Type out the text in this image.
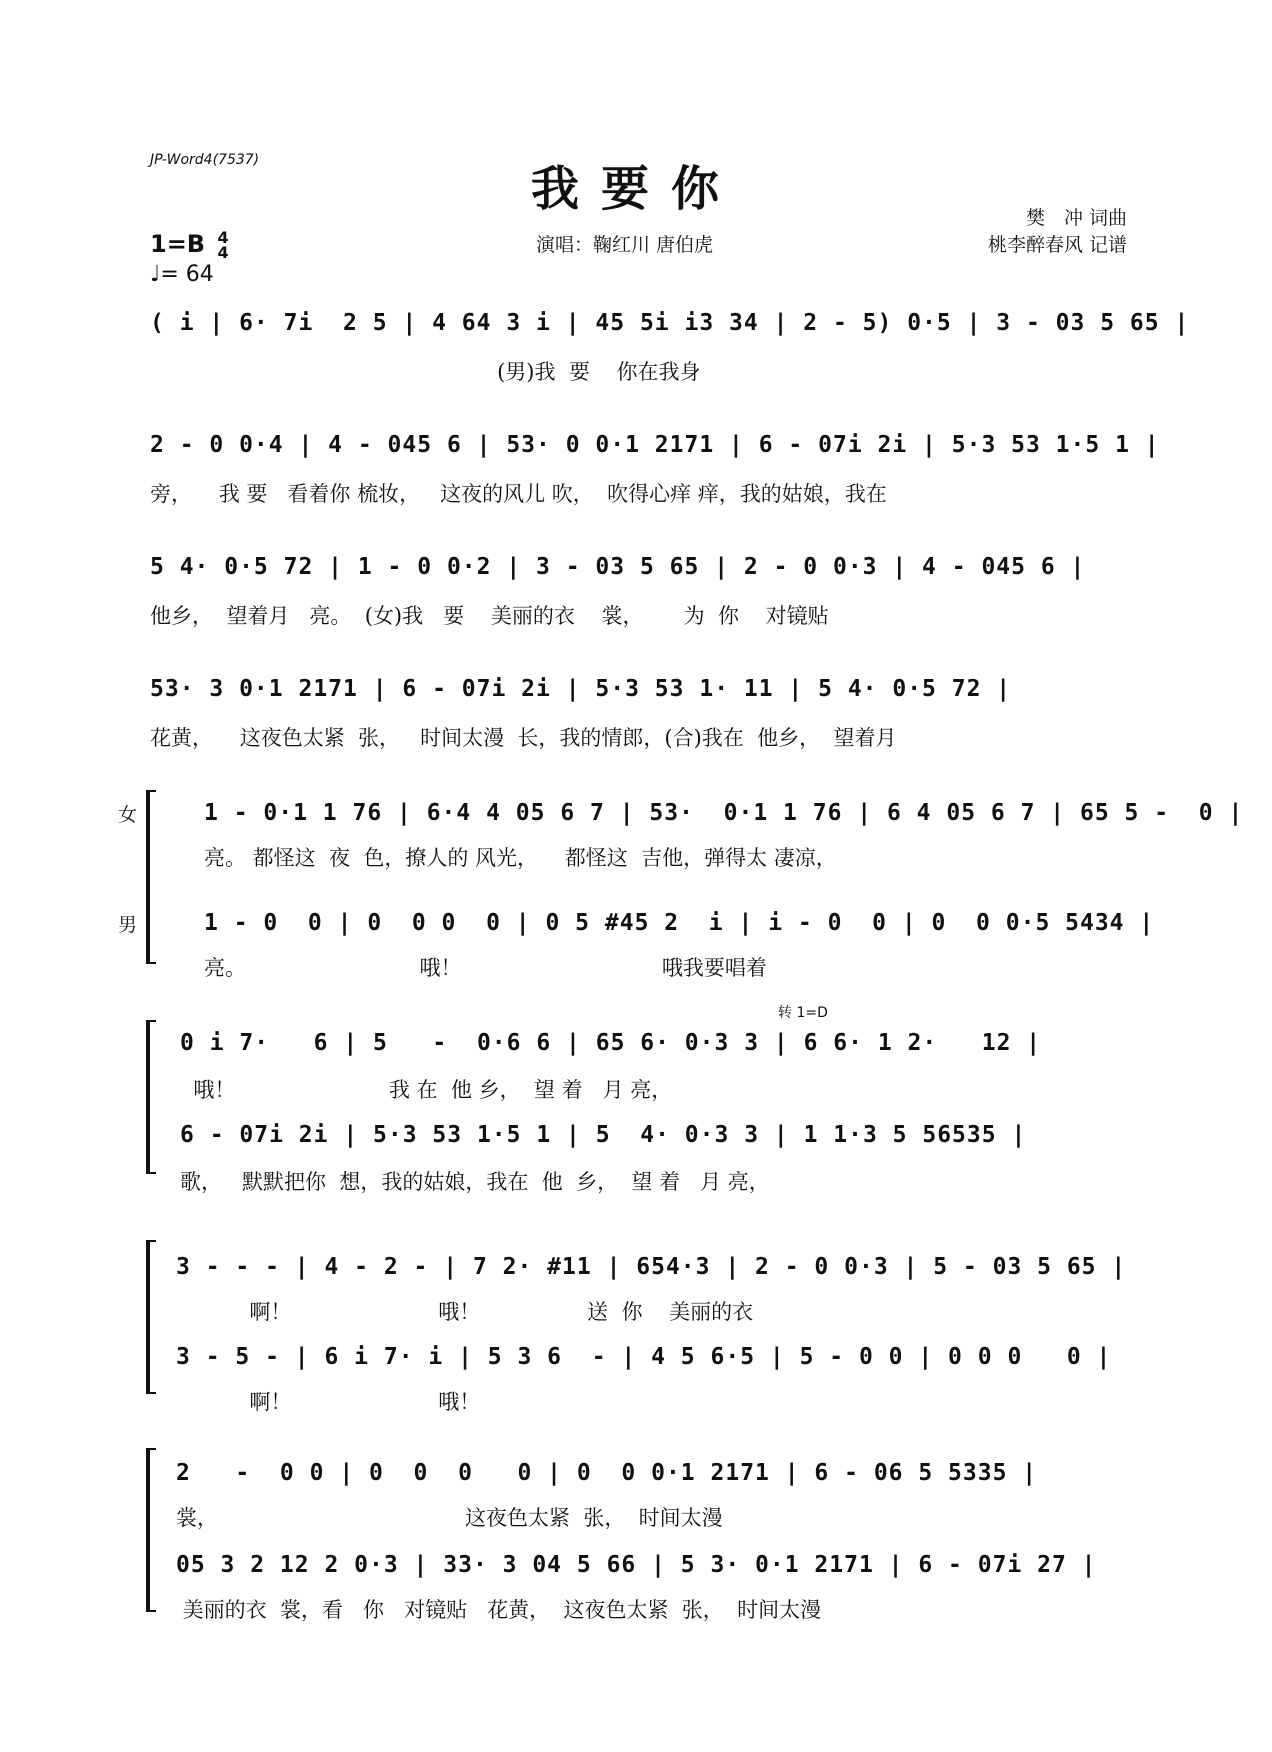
JP-Word4(7537)
我要你
演唱：鞠红川 唐伯虎
樊　冲 词曲
桃李醉春风 记谱
1=B 4
4
♩= 64
( i | 6· 7i  2 5 | 4 64 3 i | 45 5i i3 34 | 2 - 5) 0·5 | 3 - 03 5 65 |
(男)我  要    你在我身
2 - 0 0·4 | 4 - 045 6 | 53· 0 0·1 2171 | 6 - 07i 2i | 5·3 53 1·5 1 |
旁，    我 要   看着你 梳妆，   这夜的风儿 吹，  吹得心痒 痒，我的姑娘，我在
5 4· 0·5 72 | 1 - 0 0·2 | 3 - 03 5 65 | 2 - 0 0·3 | 4 - 045 6 |
他乡，  望着月   亮。  (女)我   要    美丽的衣    裳，      为  你    对镜贴
53· 3 0·1 2171 | 6 - 07i 2i | 5·3 53 1· 11 | 5 4· 0·5 72 |
花黄，    这夜色太紧  张，   时间太漫  长，我的情郎，(合)我在  他乡，  望着月
女	1 - 0·1 1 76 | 6·4 4 05 6 7 | 53·  0·1 1 76 | 6 4 05 6 7 | 65 5 -  0 |
亮。 都怪这  夜  色，撩人的 风光，    都怪这  吉他，弹得太 凄凉，
男	1 - 0  0 | 0  0 0  0 | 0 5 #45 2  i | i - 0  0 | 0  0 0·5 5434 |
亮。                          哦！                              哦我要唱着
转 1=D
0 i 7·   6 | 5   -  0·6 6 | 65 6· 0·3 3 | 6 6· 1 2·   12 |
哦！                       我 在  他 乡，  望 着   月 亮，
6 - 07i 2i | 5·3 53 1·5 1 | 5  4· 0·3 3 | 1 1·3 5 56535 |
歌，   默默把你  想，我的姑娘，我在  他  乡，  望 着   月 亮，
3 - - - | 4 - 2 - | 7 2· #11 | 654·3 | 2 - 0 0·3 | 5 - 03 5 65 |
啊！                      哦！                送  你    美丽的衣
3 - 5 - | 6 i 7· i | 5 3 6  - | 4 5 6·5 | 5 - 0 0 | 0 0 0   0 |
啊！                      哦！
2   -  0 0 | 0  0  0   0 | 0  0 0·1 2171 | 6 - 06 5 5335 |
裳，                                     这夜色太紧  张，  时间太漫
05 3 2 12 2 0·3 | 33· 3 04 5 66 | 5 3· 0·1 2171 | 6 - 07i 27 |
美丽的衣  裳，看   你   对镜贴   花黄，  这夜色太紧  张，  时间太漫
